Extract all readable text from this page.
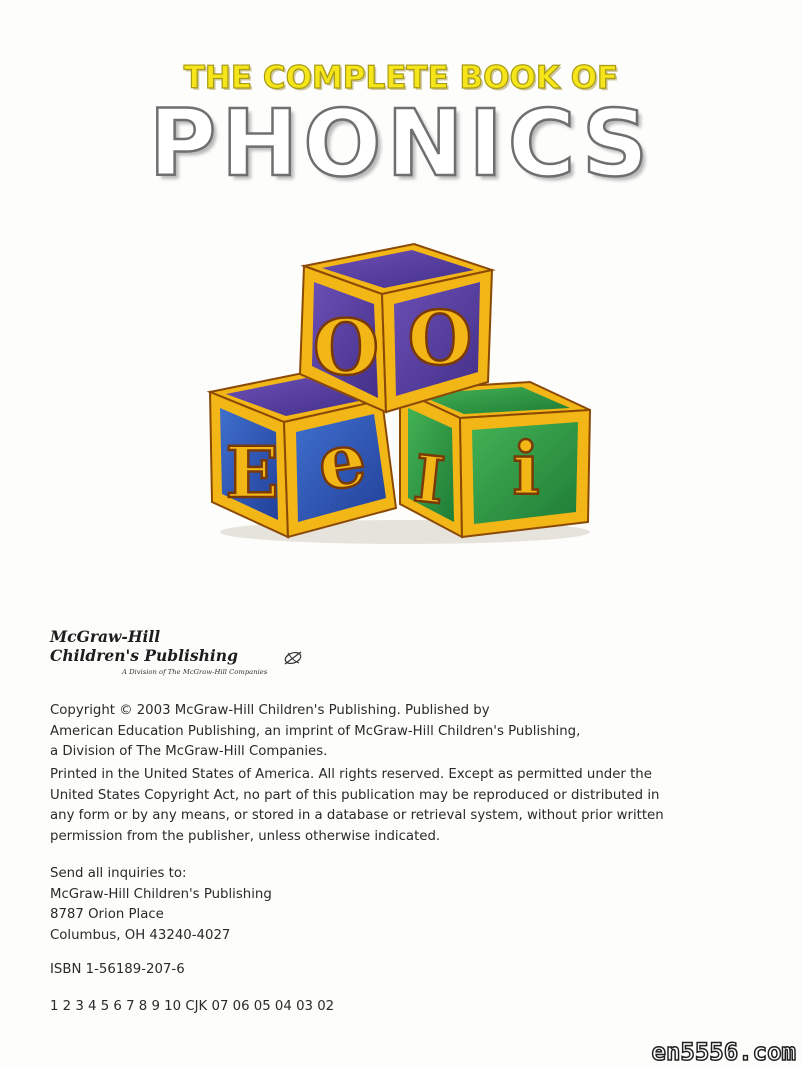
THE COMPLETE BOOK OF
PHONICS
I i
E e
O O
McGraw-Hill
Children's Publishing
A Division of The McGraw-Hill Companies

Copyright © 2003 McGraw-Hill Children's Publishing. Published by

American Education Publishing, an imprint of McGraw-Hill Children's Publishing,

a Division of The McGraw-Hill Companies.

Printed in the United States of America. All rights reserved. Except as permitted under the

United States Copyright Act, no part of this publication may be reproduced or distributed in

any form or by any means, or stored in a database or retrieval system, without prior written

permission from the publisher, unless otherwise indicated.

Send all inquiries to:

McGraw-Hill Children's Publishing

8787 Orion Place

Columbus, OH 43240-4027

ISBN 1-56189-207-6

1 2 3 4 5 6 7 8 9 10 CJK 07 06 05 04 03 02

en5556.com
